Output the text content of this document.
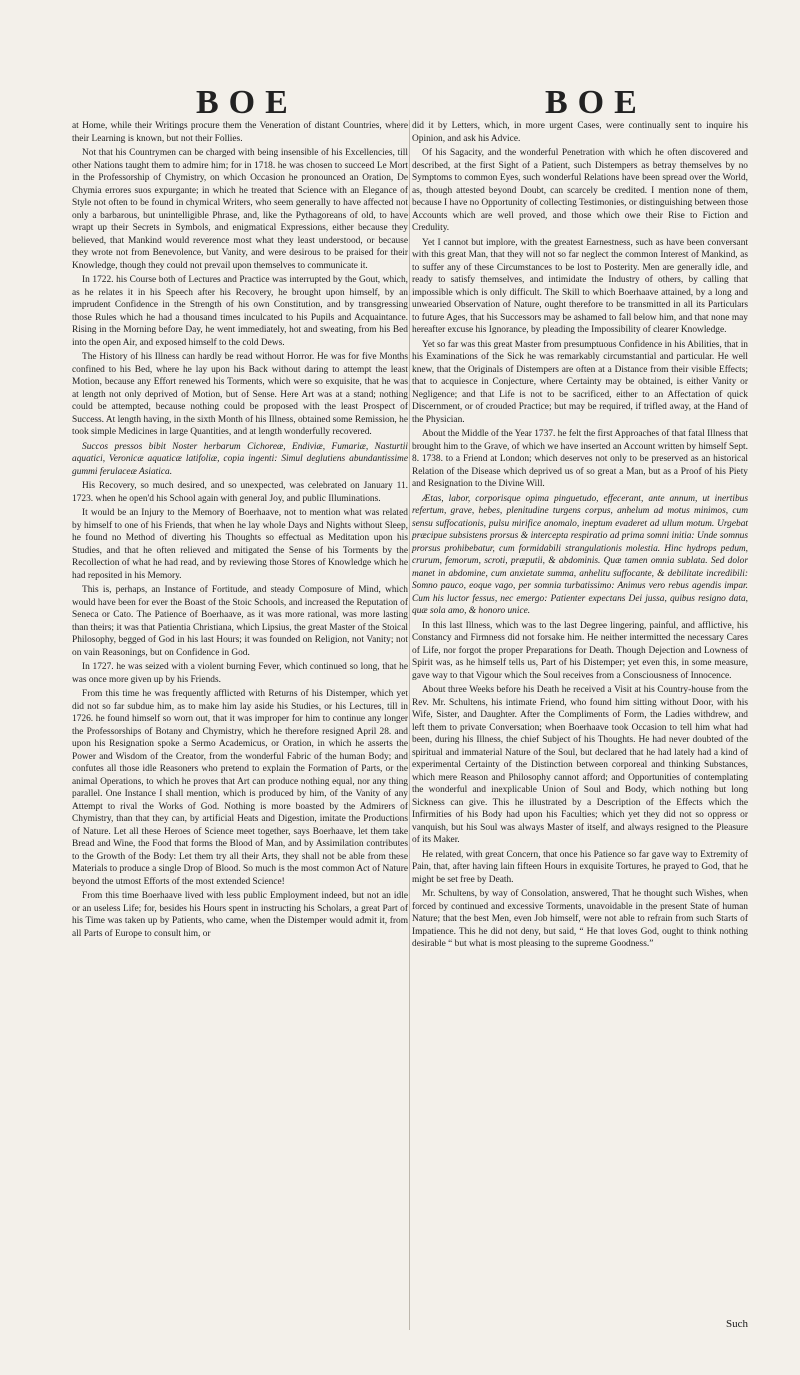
BOE	BOE

at Home, while their Writings procure them the Veneration of distant Countries, where their Learning is known, but not their Follies.

Not that his Countrymen can be charged with being insensible of his Excellencies, till other Nations taught them to admire him; for in 1718. he was chosen to succeed Le Mort in the Professorship of Chymistry, on which Occasion he pronounced an Oration, De Chymia errores suos expurgante; in which he treated that Science with an Elegance of Style not often to be found in chymical Writers, who seem generally to have affected not only a barbarous, but unintelligible Phrase, and, like the Pythagoreans of old, to have wrapt up their Secrets in Symbols, and enigmatical Expressions, either because they believed, that Mankind would reverence most what they least understood, or because they wrote not from Benevolence, but Vanity, and were desirous to be praised for their Knowledge, though they could not prevail upon themselves to communicate it.

In 1722. his Course both of Lectures and Practice was interrupted by the Gout, which, as he relates it in his Speech after his Recovery, he brought upon himself, by an imprudent Confidence in the Strength of his own Constitution, and by transgressing those Rules which he had a thousand times inculcated to his Pupils and Acquaintance. Rising in the Morning before Day, he went immediately, hot and sweating, from his Bed into the open Air, and exposed himself to the cold Dews.

The History of his Illness can hardly be read without Horror. He was for five Months confined to his Bed, where he lay upon his Back without daring to attempt the least Motion, because any Effort renewed his Torments, which were so exquisite, that he was at length not only deprived of Motion, but of Sense. Here Art was at a stand; nothing could be attempted, because nothing could be proposed with the least Prospect of Success. At length having, in the sixth Month of his Illness, obtained some Remission, he took simple Medicines in large Quantities, and at length wonderfully recovered.

Succos pressos bibit Noster herbarum Cichoreæ, Endiviæ, Fumariæ, Nasturtii aquatici, Veronicæ aquaticæ latifoliæ, copia ingenti: Simul deglutiens abundantissime gummi ferulaceæ Asiatica.

His Recovery, so much desired, and so unexpected, was celebrated on January 11. 1723. when he open'd his School again with general Joy, and public Illuminations.

It would be an Injury to the Memory of Boerhaave, not to mention what was related by himself to one of his Friends, that when he lay whole Days and Nights without Sleep, he found no Method of diverting his Thoughts so effectual as Meditation upon his Studies, and that he often relieved and mitigated the Sense of his Torments by the Recollection of what he had read, and by reviewing those Stores of Knowledge which he had reposited in his Memory.

This is, perhaps, an Instance of Fortitude, and steady Composure of Mind, which would have been for ever the Boast of the Stoic Schools, and increased the Reputation of Seneca or Cato. The Patience of Boerhaave, as it was more rational, was more lasting than theirs; it was that Patientia Christiana, which Lipsius, the great Master of the Stoical Philosophy, begged of God in his last Hours; it was founded on Religion, not Vanity; not on vain Reasonings, but on Confidence in God.

In 1727. he was seized with a violent burning Fever, which continued so long, that he was once more given up by his Friends.

From this time he was frequently afflicted with Returns of his Distemper, which yet did not so far subdue him, as to make him lay aside his Studies, or his Lectures, till in 1726. he found himself so worn out, that it was improper for him to continue any longer the Professorships of Botany and Chymistry, which he therefore resigned April 28. and upon his Resignation spoke a Sermo Academicus, or Oration, in which he asserts the Power and Wisdom of the Creator, from the wonderful Fabric of the human Body; and confutes all those idle Reasoners who pretend to explain the Formation of Parts, or the animal Operations, to which he proves that Art can produce nothing equal, nor any thing parallel. One Instance I shall mention, which is produced by him, of the Vanity of any Attempt to rival the Works of God. Nothing is more boasted by the Admirers of Chymistry, than that they can, by artificial Heats and Digestion, imitate the Productions of Nature. Let all these Heroes of Science meet together, says Boerhaave, let them take Bread and Wine, the Food that forms the Blood of Man, and by Assimilation contributes to the Growth of the Body: Let them try all their Arts, they shall not be able from these Materials to produce a single Drop of Blood. So much is the most common Act of Nature beyond the utmost Efforts of the most extended Science!

From this time Boerhaave lived with less public Employment indeed, but not an idle or an useless Life; for, besides his Hours spent in instructing his Scholars, a great Part of his Time was taken up by Patients, who came, when the Distemper would admit it, from all Parts of Europe to consult him, or

did it by Letters, which, in more urgent Cases, were continually sent to inquire his Opinion, and ask his Advice.

Of his Sagacity, and the wonderful Penetration with which he often discovered and described, at the first Sight of a Patient, such Distempers as betray themselves by no Symptoms to common Eyes, such wonderful Relations have been spread over the World, as, though attested beyond Doubt, can scarcely be credited. I mention none of them, because I have no Opportunity of collecting Testimonies, or distinguishing between those Accounts which are well proved, and those which owe their Rise to Fiction and Credulity.

Yet I cannot but implore, with the greatest Earnestness, such as have been conversant with this great Man, that they will not so far neglect the common Interest of Mankind, as to suffer any of these Circumstances to be lost to Posterity. Men are generally idle, and ready to satisfy themselves, and intimidate the Industry of others, by calling that impossible which is only difficult. The Skill to which Boerhaave attained, by a long and unwearied Observation of Nature, ought therefore to be transmitted in all its Particulars to future Ages, that his Successors may be ashamed to fall below him, and that none may hereafter excuse his Ignorance, by pleading the Impossibility of clearer Knowledge.

Yet so far was this great Master from presumptuous Confidence in his Abilities, that in his Examinations of the Sick he was remarkably circumstantial and particular. He well knew, that the Originals of Distempers are often at a Distance from their visible Effects; that to acquiesce in Conjecture, where Certainty may be obtained, is either Vanity or Negligence; and that Life is not to be sacrificed, either to an Affectation of quick Discernment, or of crouded Practice; but may be required, if trifled away, at the Hand of the Physician.

About the Middle of the Year 1737. he felt the first Approaches of that fatal Illness that brought him to the Grave, of which we have inserted an Account written by himself Sept. 8. 1738. to a Friend at London; which deserves not only to be preserved as an historical Relation of the Disease which deprived us of so great a Man, but as a Proof of his Piety and Resignation to the Divine Will.

Ætas, labor, corporisque opima pinguetudo, effecerant, ante annum, ut inertibus refertum, grave, hebes, plenitudine turgens corpus, anhelum ad motus minimos, cum sensu suffocationis, pulsu mirifice anomalo, ineptum evaderet ad ullum motum. Urgebat præcipue subsistens prorsus & intercepta respiratio ad prima somni initia: Unde somnus prorsus prohibebatur, cum formidabili strangulationis molestia. Hinc hydrops pedum, crurum, femorum, scroti, præputii, & abdominis. Quæ tamen omnia sublata. Sed dolor manet in abdomine, cum anxietate summa, anhelitu suffocante, & debilitate incredibili: Somno pauco, eoque vago, per somnia turbatissimo: Animus vero rebus agendis impar. Cum his luctor fessus, nec emergo: Patienter expectans Dei jussa, quibus resigno data, quæ sola amo, & honoro unice.

In this last Illness, which was to the last Degree lingering, painful, and afflictive, his Constancy and Firmness did not forsake him. He neither intermitted the necessary Cares of Life, nor forgot the proper Preparations for Death. Though Dejection and Lowness of Spirit was, as he himself tells us, Part of his Distemper; yet even this, in some measure, gave way to that Vigour which the Soul receives from a Consciousness of Innocence.

About three Weeks before his Death he received a Visit at his Country-house from the Rev. Mr. Schultens, his intimate Friend, who found him sitting without Door, with his Wife, Sister, and Daughter. After the Compliments of Form, the Ladies withdrew, and left them to private Conversation; when Boerhaave took Occasion to tell him what had been, during his Illness, the chief Subject of his Thoughts. He had never doubted of the spiritual and immaterial Nature of the Soul, but declared that he had lately had a kind of experimental Certainty of the Distinction between corporeal and thinking Substances, which mere Reason and Philosophy cannot afford; and Opportunities of contemplating the wonderful and inexplicable Union of Soul and Body, which nothing but long Sickness can give. This he illustrated by a Description of the Effects which the Infirmities of his Body had upon his Faculties; which yet they did not so oppress or vanquish, but his Soul was always Master of itself, and always resigned to the Pleasure of its Maker.

He related, with great Concern, that once his Patience so far gave way to Extremity of Pain, that, after having lain fifteen Hours in exquisite Tortures, he prayed to God, that he might be set free by Death.

Mr. Schultens, by way of Consolation, answered, That he thought such Wishes, when forced by continued and excessive Torments, unavoidable in the present State of human Nature; that the best Men, even Job himself, were not able to refrain from such Starts of Impatience. This he did not deny, but said, “ He that loves God, ought to think nothing desirable “ but what is most pleasing to the supreme Goodness.”

Such
